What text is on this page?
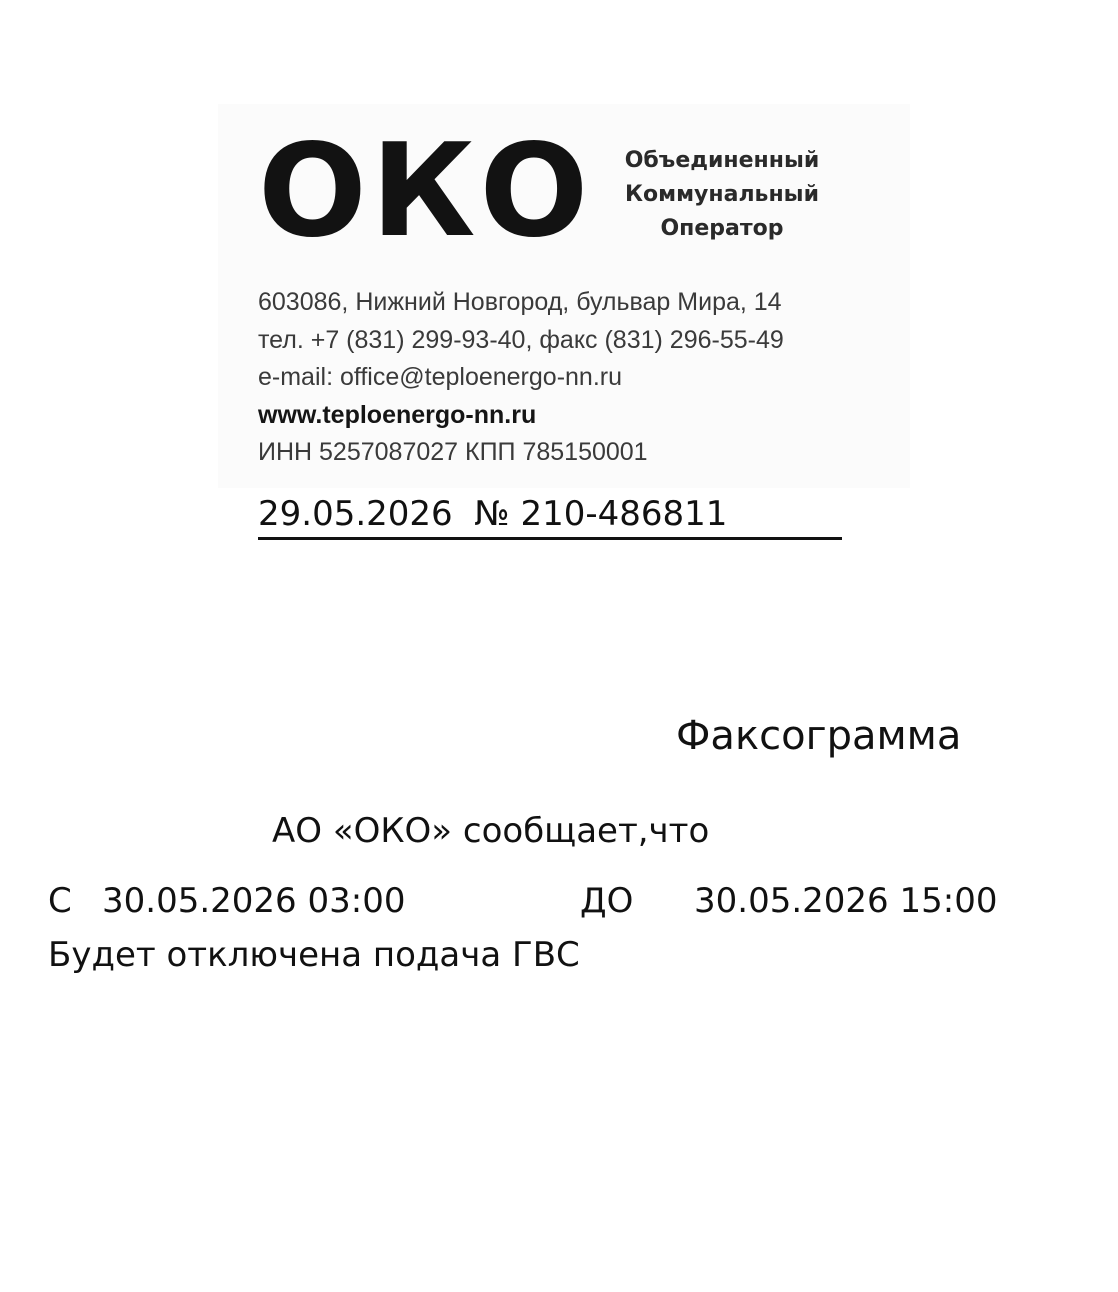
ОКО	Объединенный
Коммунальный
Оператор
603086, Нижний Новгород, бульвар Мира, 14
тел. +7 (831) 299-93-40, факс (831) 296-55-49
e-mail: office@teploenergo-nn.ru
www.teploenergo-nn.ru
ИНН 5257087027 КПП 785150001
29.05.2026 № 210-486811
Факсограмма
АО «ОКО» сообщает,что
С 30.05.2026 03:00	ДО 30.05.2026 15:00
Будет отключена подача ГВС
